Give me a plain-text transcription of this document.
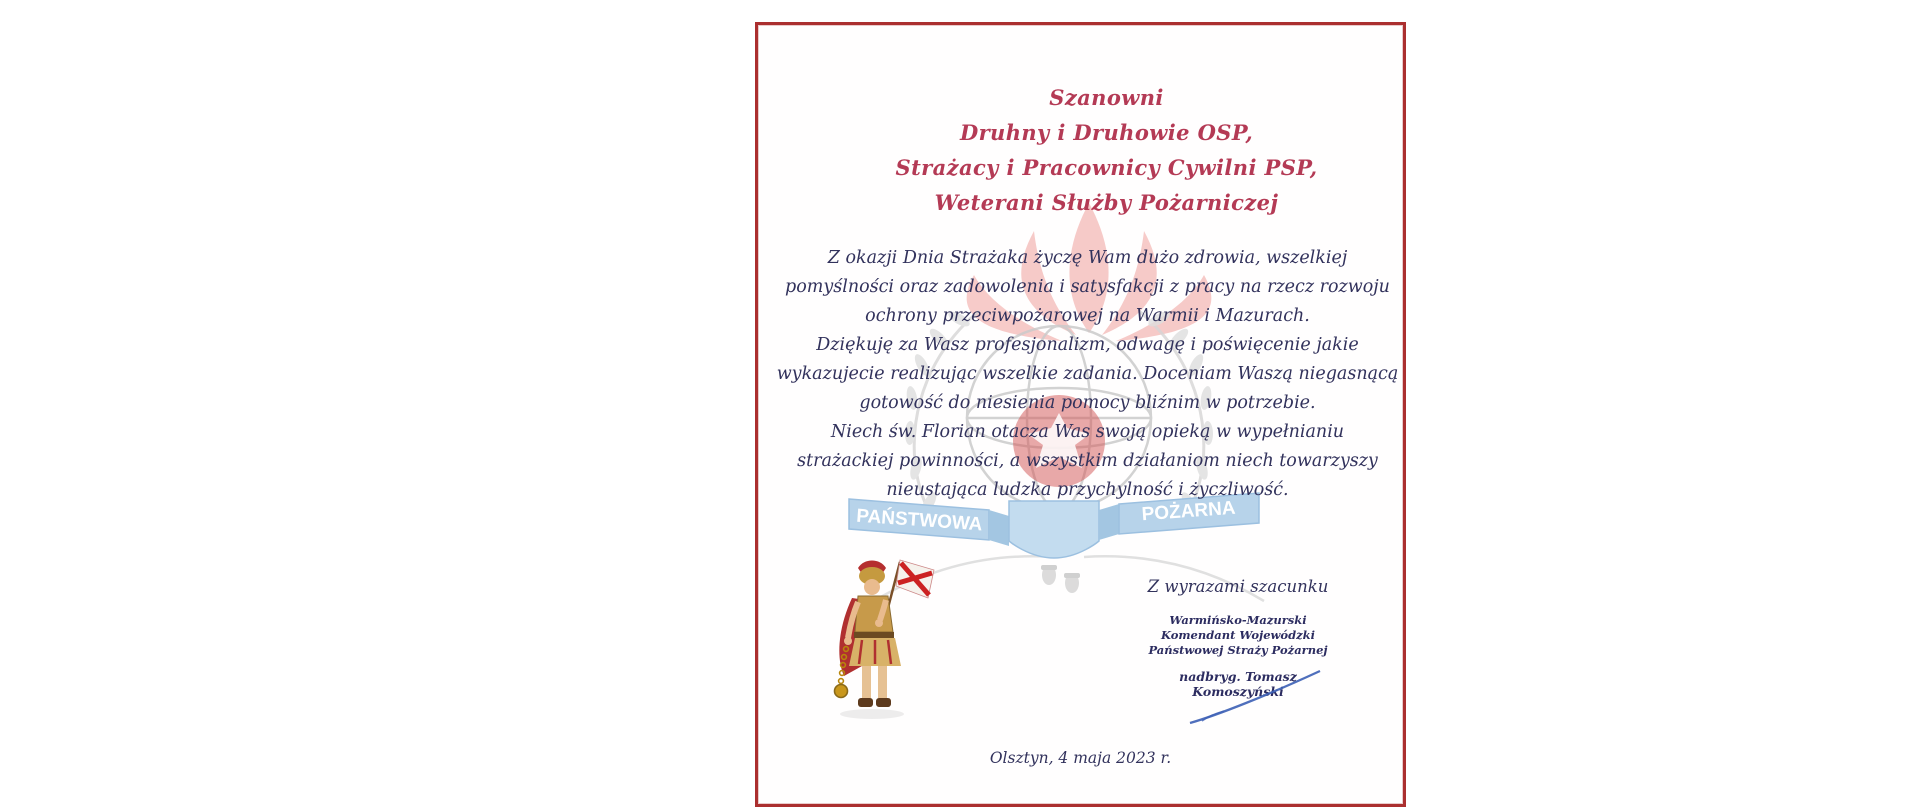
PAŃSTWOWA	POŻARNA
Szanowni
Druhny i Druhowie OSP,
Strażacy i Pracownicy Cywilni PSP,
Weterani Służby Pożarniczej
Z okazji Dnia Strażaka życzę Wam dużo zdrowia, wszelkiej
pomyślności oraz zadowolenia i satysfakcji z pracy na rzecz rozwoju
ochrony przeciwpożarowej na Warmii i Mazurach.
Dziękuję za Wasz profesjonalizm, odwagę i poświęcenie jakie
wykazujecie realizując wszelkie zadania. Doceniam Waszą niegasnącą
gotowość do niesienia pomocy bliźnim w potrzebie.
Niech św. Florian otacza Was swoją opieką w wypełnianiu
strażackiej powinności, a wszystkim działaniom niech towarzyszy
nieustająca ludzka przychylność i życzliwość.
Z wyrazami szacunku
Warmińsko-Mazurski
Komendant Wojewódzki
Państwowej Straży Pożarnej
nadbryg. Tomasz Komoszyński
Olsztyn, 4 maja 2023 r.
